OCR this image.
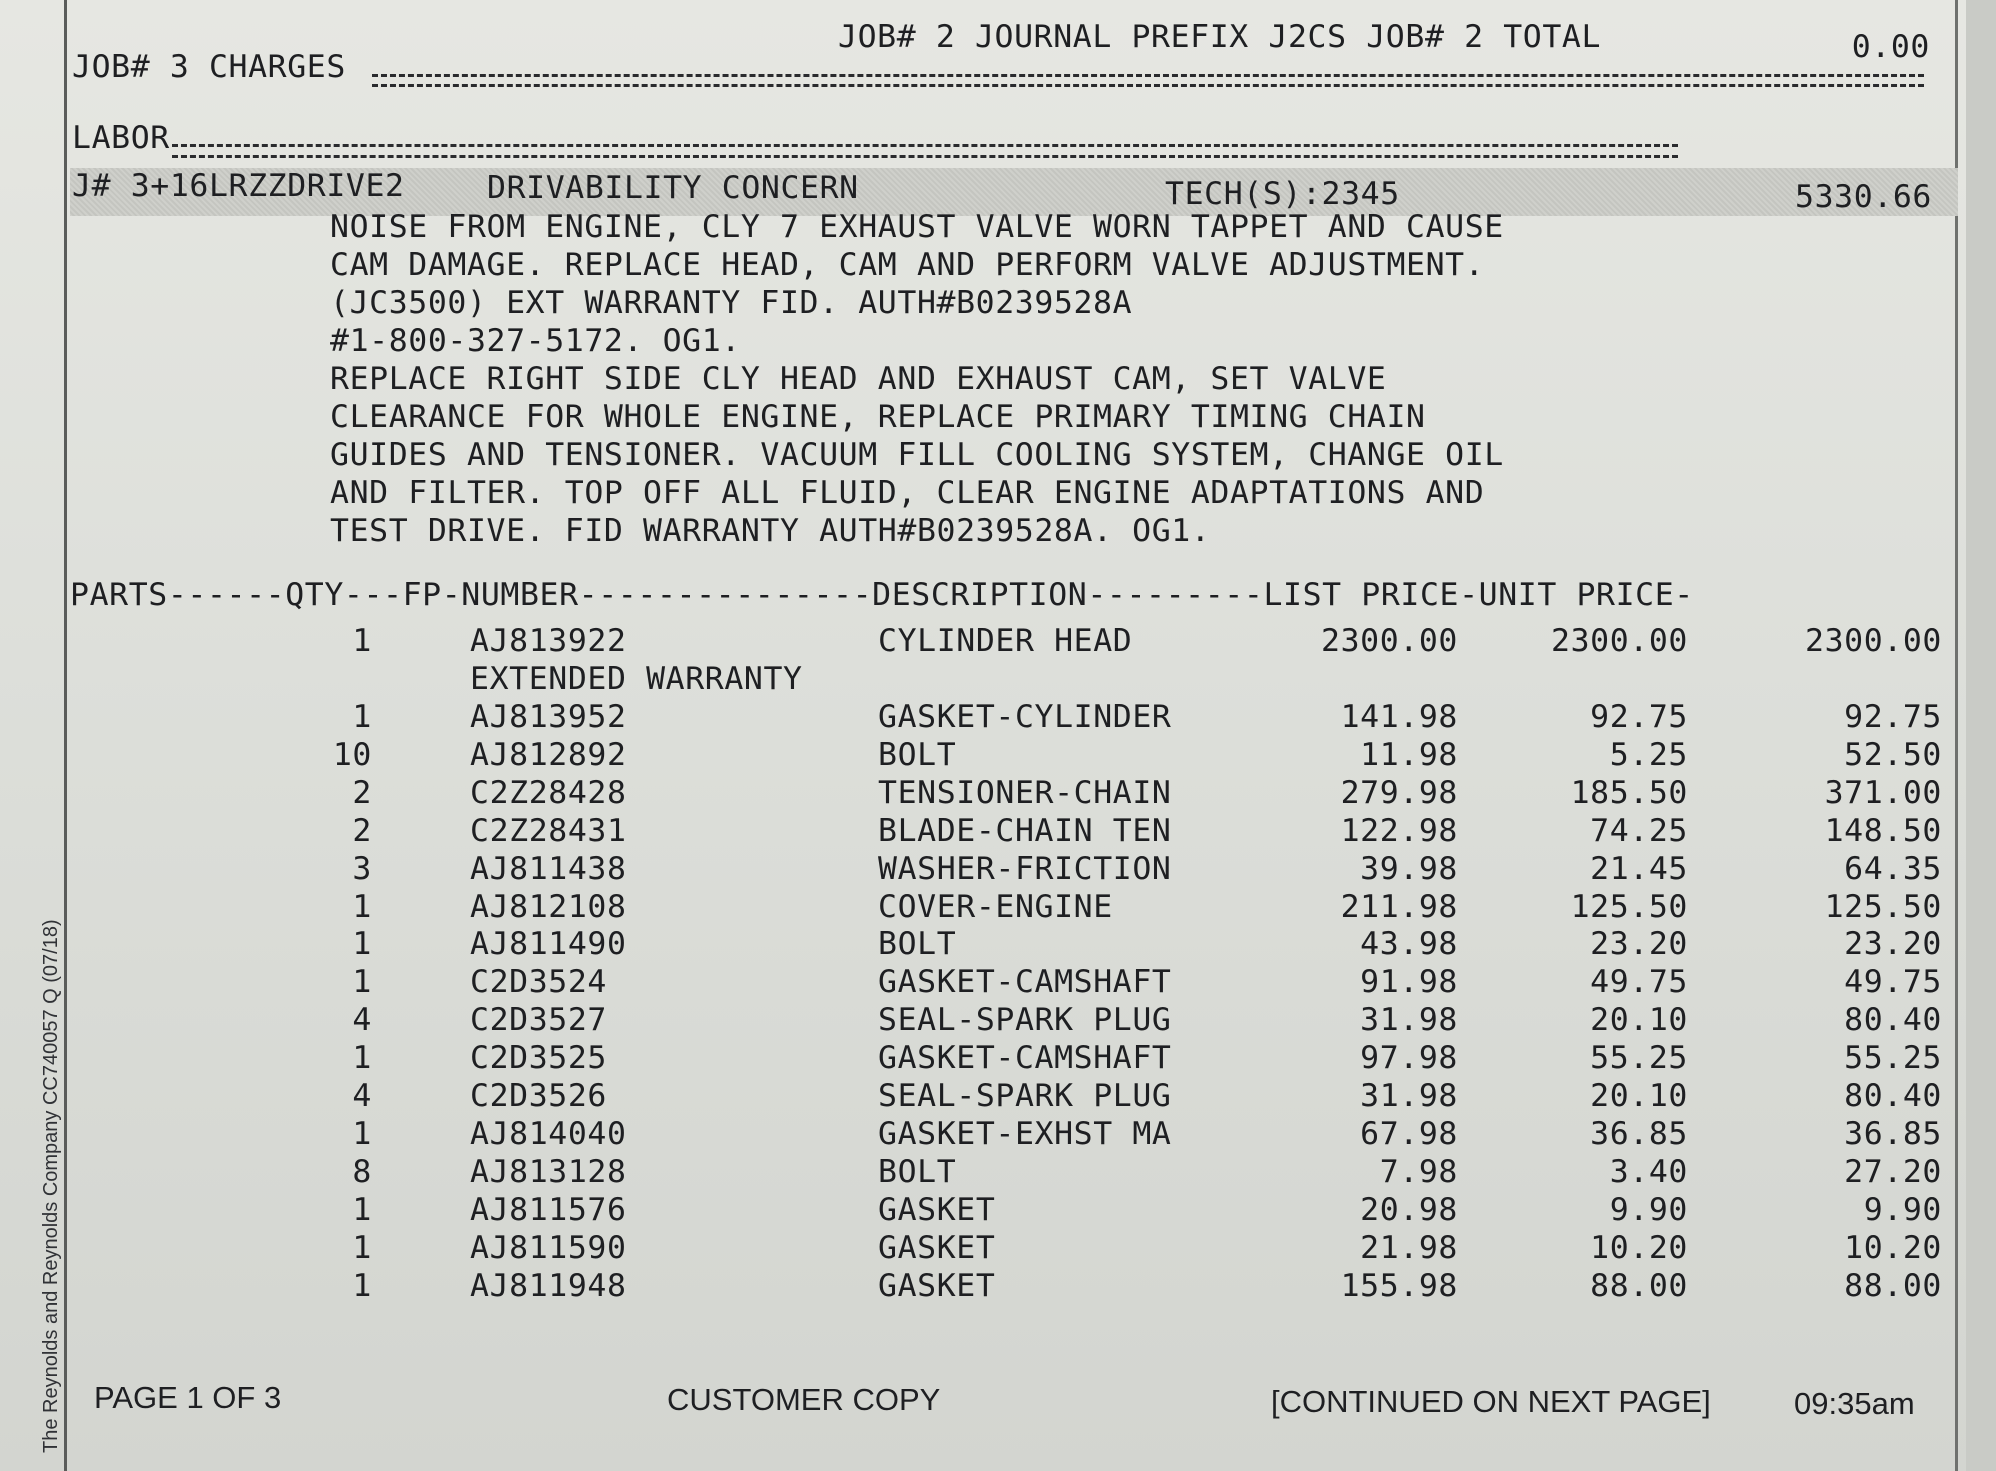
The Reynolds and Reynolds Company CC740057 Q (07/18)
JOB# 2 JOURNAL PREFIX J2CS JOB# 2 TOTAL	0.00
JOB# 3 CHARGES
LABOR
J# 3+16LRZZDRIVE2	DRIVABILITY CONCERN	TECH(S):2345	5330.66
NOISE FROM ENGINE, CLY 7 EXHAUST VALVE WORN TAPPET AND CAUSE
CAM DAMAGE. REPLACE HEAD, CAM AND PERFORM VALVE ADJUSTMENT.
(JC3500) EXT WARRANTY FID. AUTH#B0239528A
#1-800-327-5172. OG1.
REPLACE RIGHT SIDE CLY HEAD AND EXHAUST CAM, SET VALVE
CLEARANCE FOR WHOLE ENGINE, REPLACE PRIMARY TIMING CHAIN
GUIDES AND TENSIONER. VACUUM FILL COOLING SYSTEM, CHANGE OIL
AND FILTER. TOP OFF ALL FLUID, CLEAR ENGINE ADAPTATIONS AND
TEST DRIVE. FID WARRANTY AUTH#B0239528A. OG1.
PARTS------QTY---FP-NUMBER---------------DESCRIPTION---------LIST PRICE-UNIT PRICE-
1	AJ813922	CYLINDER HEAD	2300.00	2300.00	2300.00
EXTENDED WARRANTY
1	AJ813952	GASKET-CYLINDER	141.98	92.75	92.75
10	AJ812892	BOLT	11.98	5.25	52.50
2	C2Z28428	TENSIONER-CHAIN	279.98	185.50	371.00
2	C2Z28431	BLADE-CHAIN TEN	122.98	74.25	148.50
3	AJ811438	WASHER-FRICTION	39.98	21.45	64.35
1	AJ812108	COVER-ENGINE	211.98	125.50	125.50
1	AJ811490	BOLT	43.98	23.20	23.20
1	C2D3524	GASKET-CAMSHAFT	91.98	49.75	49.75
4	C2D3527	SEAL-SPARK PLUG	31.98	20.10	80.40
1	C2D3525	GASKET-CAMSHAFT	97.98	55.25	55.25
4	C2D3526	SEAL-SPARK PLUG	31.98	20.10	80.40
1	AJ814040	GASKET-EXHST MA	67.98	36.85	36.85
8	AJ813128	BOLT	7.98	3.40	27.20
1	AJ811576	GASKET	20.98	9.90	9.90
1	AJ811590	GASKET	21.98	10.20	10.20
1	AJ811948	GASKET	155.98	88.00	88.00
PAGE 1 OF 3	CUSTOMER COPY	[CONTINUED ON NEXT PAGE]	09:35am
